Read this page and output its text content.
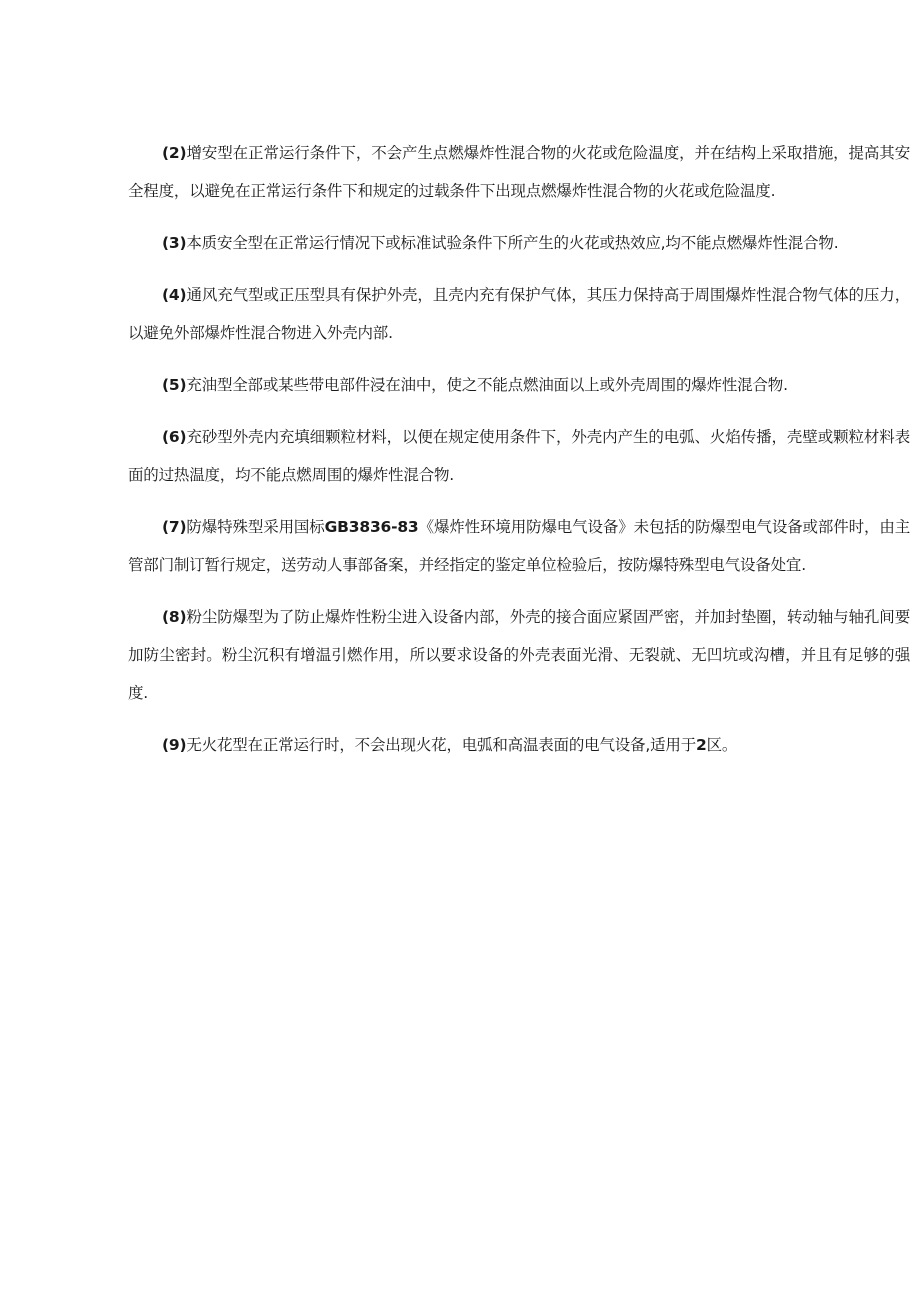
(2)增安型在正常运行条件下，不会产生点燃爆炸性混合物的火花或危险温度，并在结构上采取措施，提高其安全程度，以避免在正常运行条件下和规定的过载条件下出现点燃爆炸性混合物的火花或危险温度.

(3)本质安全型在正常运行情况下或标准试验条件下所产生的火花或热效应,均不能点燃爆炸性混合物.

(4)通风充气型或正压型具有保护外壳，且壳内充有保护气体，其压力保持高于周围爆炸性混合物气体的压力，以避免外部爆炸性混合物进入外壳内部.

(5)充油型全部或某些带电部件浸在油中，使之不能点燃油面以上或外壳周围的爆炸性混合物.

(6)充砂型外壳内充填细颗粒材料，以便在规定使用条件下，外壳内产生的电弧、火焰传播，壳壁或颗粒材料表面的过热温度，均不能点燃周围的爆炸性混合物.

(7)防爆特殊型采用国标GB3836-83《爆炸性环境用防爆电气设备》未包括的防爆型电气设备或部件时，由主管部门制订暂行规定，送劳动人事部备案，并经指定的鉴定单位检验后，按防爆特殊型电气设备处宜.

(8)粉尘防爆型为了防止爆炸性粉尘进入设备内部，外壳的接合面应紧固严密，并加封垫圈，转动轴与轴孔间要加防尘密封。粉尘沉积有增温引燃作用，所以要求设备的外壳表面光滑、无裂就、无凹坑或沟槽，并且有足够的强度.

(9)无火花型在正常运行时，不会出现火花，电弧和高温表面的电气设备,适用于2区。
